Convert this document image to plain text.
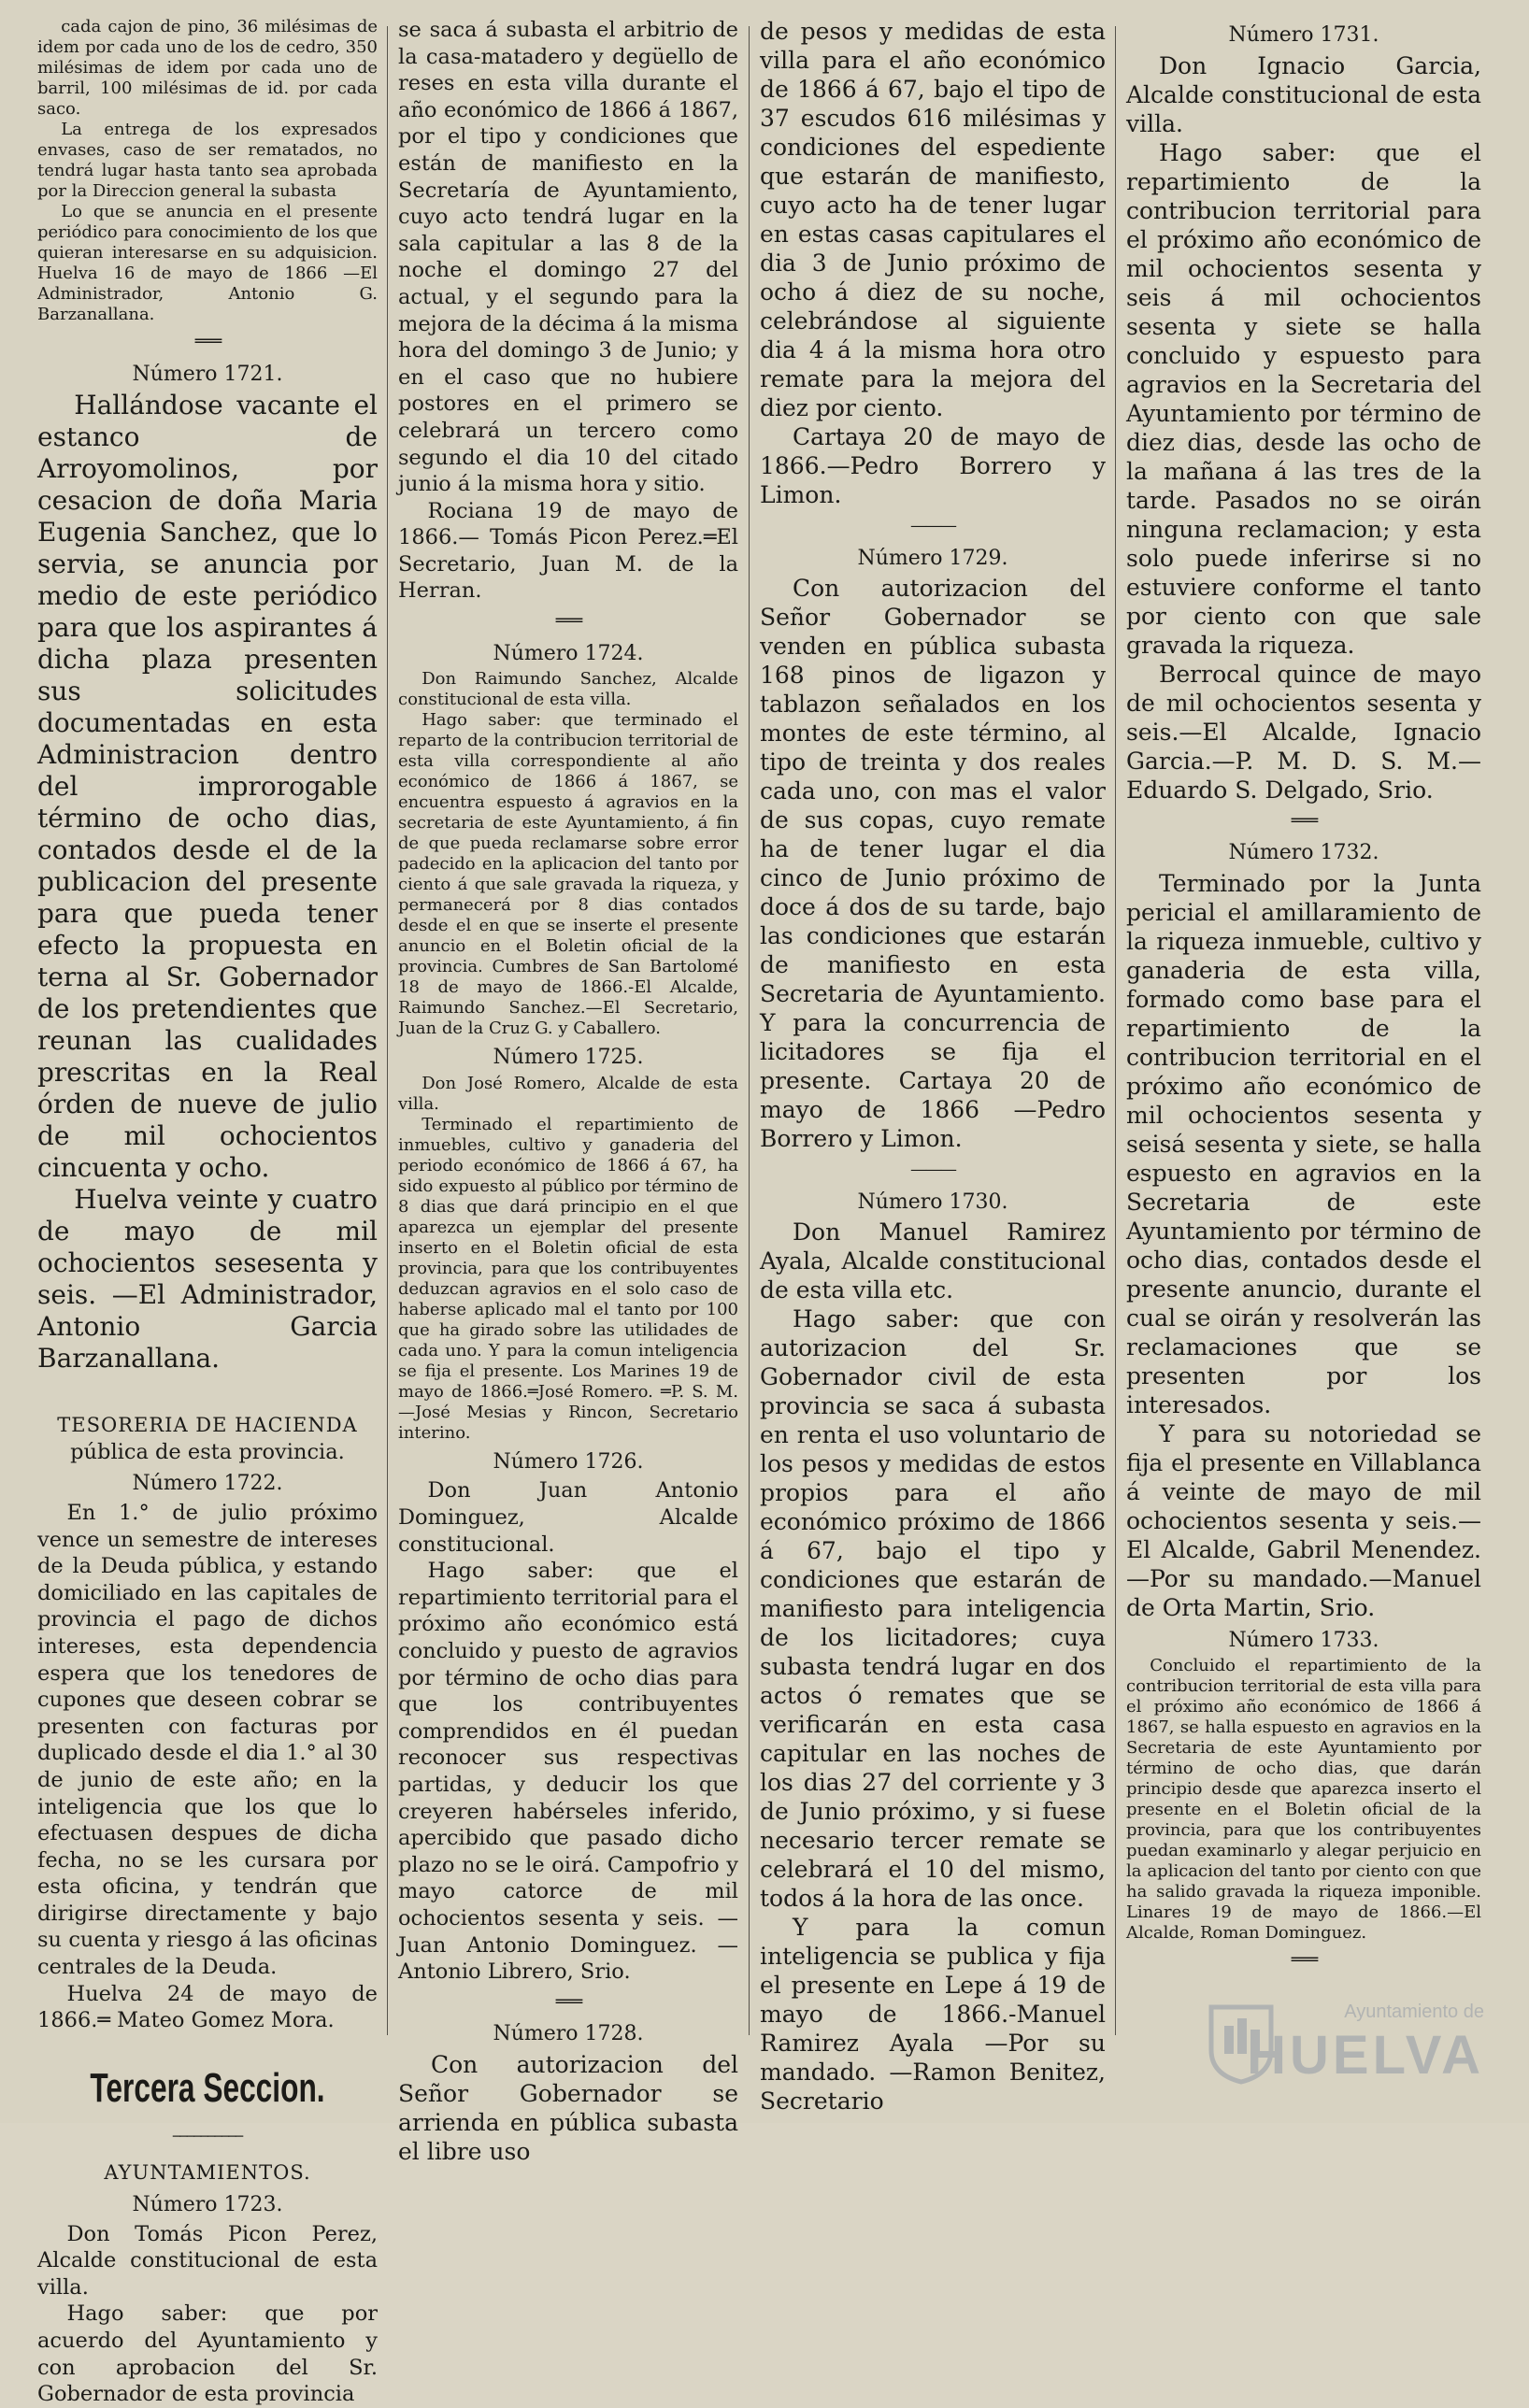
cada cajon de pino, 36 milésimas de idem por cada uno de los de cedro, 350 milésimas de idem por cada uno de barril, 100 milésimas de id. por cada saco.

La entrega de los expresados envases, caso de ser rematados, no tendrá lugar hasta tanto sea aprobada por la Direccion general la subasta

Lo que se anuncia en el presente periódico para conocimiento de los que quieran interesarse en su adquisicion. Huelva 16 de mayo de 1866 —El Administrador, Antonio G. Barzanallana.

═══

Número 1721.

Hallándose vacante el estanco de Arroyomolinos, por cesacion de doña Maria Eugenia Sanchez, que lo servia, se anuncia por medio de este periódico para que los aspirantes á dicha plaza presenten sus solicitudes documentadas en esta Administracion dentro del improrogable término de ocho dias, contados desde el de la publicacion del presente para que pueda tener efecto la propuesta en terna al Sr. Gobernador de los pretendientes que reunan las cualidades prescritas en la Real órden de nueve de julio de mil ochocientos cincuenta y ocho.

Huelva veinte y cuatro de mayo de mil ochocientos sesesenta y seis. —El Administrador, Antonio Garcia Barzanallana.

TESORERIA DE HACIENDA

pública de esta provincia.

Número 1722.

En 1.° de julio próximo vence un semestre de intereses de la Deuda pública, y estando domiciliado en las capitales de provincia el pago de dichos intereses, esta dependencia espera que los tenedores de cupones que deseen cobrar se presenten con facturas por duplicado desde el dia 1.° al 30 de junio de este año; en la inteligencia que los que lo efectuasen despues de dicha fecha, no se les cursara por esta oficina, y tendrán que dirigirse directamente y bajo su cuenta y riesgo á las oficinas centrales de la Deuda.

Huelva 24 de mayo de 1866.═ Mateo Gomez Mora.

Tercera Seccion.

──────────

AYUNTAMIENTOS.

Número 1723.

Don Tomás Picon Perez, Alcalde constitucional de esta villa.

Hago saber: que por acuerdo del Ayuntamiento y con aprobacion del Sr. Gobernador de esta provincia

se saca á subasta el arbitrio de la casa-matadero y degüello de reses en esta villa durante el año económico de 1866 á 1867, por el tipo y condiciones que están de manifiesto en la Secretaría de Ayuntamiento, cuyo acto tendrá lugar en la sala capitular a las 8 de la noche el domingo 27 del actual, y el segundo para la mejora de la décima á la misma hora del domingo 3 de Junio; y en el caso que no hubiere postores en el primero se celebrará un tercero como segundo el dia 10 del citado junio á la misma hora y sitio.

Rociana 19 de mayo de 1866.— Tomás Picon Perez.═El Secretario, Juan M. de la Herran.

═══

Número 1724.

Don Raimundo Sanchez, Alcalde constitucional de esta villa.

Hago saber: que terminado el reparto de la contribucion territorial de esta villa correspondiente al año económico de 1866 á 1867, se encuentra espuesto á agravios en la secretaria de este Ayuntamiento, á fin de que pueda reclamarse sobre error padecido en la aplicacion del tanto por ciento á que sale gravada la riqueza, y permanecerá por 8 dias contados desde el en que se inserte el presente anuncio en el Boletin oficial de la provincia. Cumbres de San Bartolomé 18 de mayo de 1866.-El Alcalde, Raimundo Sanchez.—El Secretario, Juan de la Cruz G. y Caballero.

Número 1725.

Don José Romero, Alcalde de esta villa.

Terminado el repartimiento de inmuebles, cultivo y ganaderia del periodo económico de 1866 á 67, ha sido expuesto al público por término de 8 dias que dará principio en el que aparezca un ejemplar del presente inserto en el Boletin oficial de esta provincia, para que los contribuyentes deduzcan agravios en el solo caso de haberse aplicado mal el tanto por 100 que ha girado sobre las utilidades de cada uno. Y para la comun inteligencia se fija el presente. Los Marines 19 de mayo de 1866.═José Romero. ═P. S. M. —José Mesias y Rincon, Secretario interino.

Número 1726.

Don Juan Antonio Dominguez, Alcalde constitucional.

Hago saber: que el repartimiento territorial para el próximo año económico está concluido y puesto de agravios por término de ocho dias para que los contribuyentes comprendidos en él puedan reconocer sus respectivas partidas, y deducir los que creyeren habérseles inferido, apercibido que pasado dicho plazo no se le oirá. Campofrio y mayo catorce de mil ochocientos sesenta y seis. —Juan Antonio Dominguez. —Antonio Librero, Srio.

═══

Número 1728.

Con autorizacion del Señor Gobernador se arrienda en pública subasta el libre uso

de pesos y medidas de esta villa para el año económico de 1866 á 67, bajo el tipo de 37 escudos 616 milésimas y condiciones del espediente que estarán de manifiesto, cuyo acto ha de tener lugar en estas casas capitulares el dia 3 de Junio próximo de ocho á diez de su noche, celebrándose al siguiente dia 4 á la misma hora otro remate para la mejora del diez por ciento.

Cartaya 20 de mayo de 1866.—Pedro Borrero y Limon.

———

Número 1729.

Con autorizacion del Señor Gobernador se venden en pública subasta 168 pinos de ligazon y tablazon señalados en los montes de este término, al tipo de treinta y dos reales cada uno, con mas el valor de sus copas, cuyo remate ha de tener lugar el dia cinco de Junio próximo de doce á dos de su tarde, bajo las condiciones que estarán de manifiesto en esta Secretaria de Ayuntamiento. Y para la concurrencia de licitadores se fija el presente. Cartaya 20 de mayo de 1866 —Pedro Borrero y Limon.

———

Número 1730.

Don Manuel Ramirez Ayala, Alcalde constitucional de esta villa etc.

Hago saber: que con autorizacion del Sr. Gobernador civil de esta provincia se saca á subasta en renta el uso voluntario de los pesos y medidas de estos propios para el año económico próximo de 1866 á 67, bajo el tipo y condiciones que estarán de manifiesto para inteligencia de los licitadores; cuya subasta tendrá lugar en dos actos ó remates que se verificarán en esta casa capitular en las noches de los dias 27 del corriente y 3 de Junio próximo, y si fuese necesario tercer remate se celebrará el 10 del mismo, todos á la hora de las once.

Y para la comun inteligencia se publica y fija el presente en Lepe á 19 de mayo de 1866.-Manuel Ramirez Ayala —Por su mandado. —Ramon Benitez, Secretario

Número 1731.

Don Ignacio Garcia, Alcalde constitucional de esta villa.

Hago saber: que el repartimiento de la contribucion territorial para el próximo año económico de mil ochocientos sesenta y seis á mil ochocientos sesenta y siete se halla concluido y espuesto para agravios en la Secretaria del Ayuntamiento por término de diez dias, desde las ocho de la mañana á las tres de la tarde. Pasados no se oirán ninguna reclamacion; y esta solo puede inferirse si no estuviere conforme el tanto por ciento con que sale gravada la riqueza.

Berrocal quince de mayo de mil ochocientos sesenta y seis.—El Alcalde, Ignacio Garcia.—P. M. D. S. M.— Eduardo S. Delgado, Srio.

═══

Número 1732.

Terminado por la Junta pericial el amillaramiento de la riqueza inmueble, cultivo y ganaderia de esta villa, formado como base para el repartimiento de la contribucion territorial en el próximo año económico de mil ochocientos sesenta y seisá sesenta y siete, se halla espuesto en agravios en la Secretaria de este Ayuntamiento por término de ocho dias, contados desde el presente anuncio, durante el cual se oirán y resolverán las reclamaciones que se presenten por los interesados.

Y para su notoriedad se fija el presente en Villablanca á veinte de mayo de mil ochocientos sesenta y seis.— El Alcalde, Gabril Menendez. —Por su mandado.—Manuel de Orta Martin, Srio.

Número 1733.

Concluido el repartimiento de la contribucion territorial de esta villa para el próximo año económico de 1866 á 1867, se halla espuesto en agravios en la Secretaria de este Ayuntamiento por término de ocho dias, que darán principio desde que aparezca inserto el presente en el Boletin oficial de la provincia, para que los contribuyentes puedan examinarlo y alegar perjuicio en la aplicacion del tanto por ciento con que ha salido gravada la riqueza imponible. Linares 19 de mayo de 1866.—El Alcalde, Roman Dominguez.

═══

Ayuntamiento de
HUELVA
